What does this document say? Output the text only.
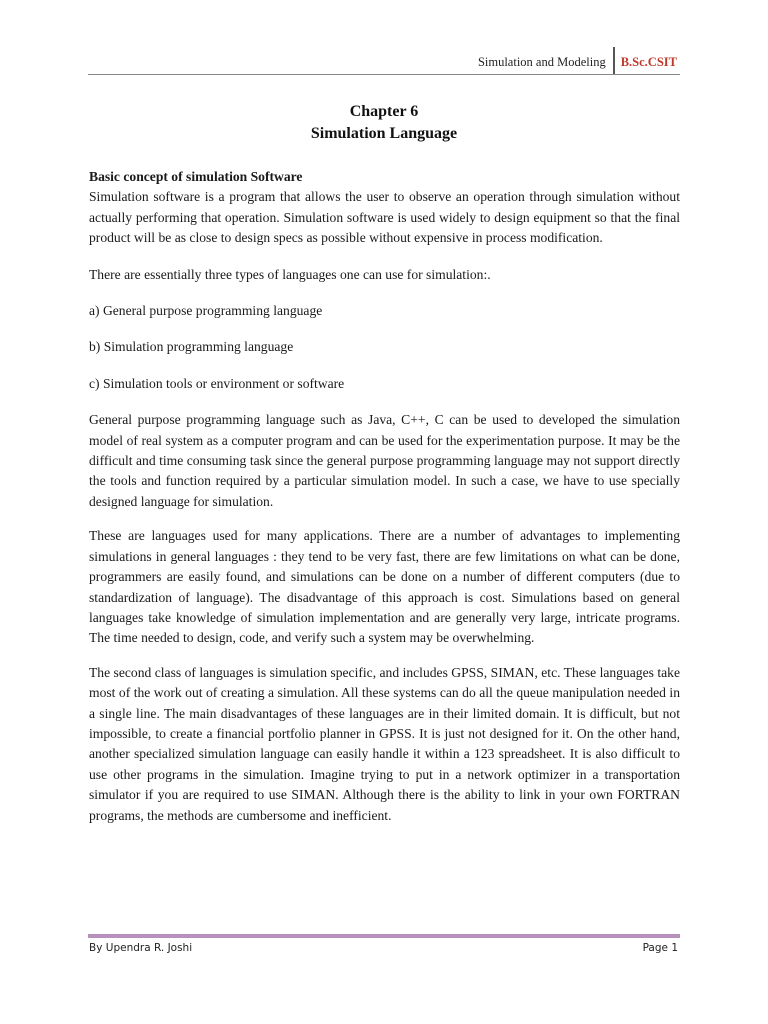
Simulation and Modeling	B.Sc.CSIT
Chapter 6
Simulation Language

Basic concept of simulation Software

Simulation software is a program that allows the user to observe an operation through simulation without actually performing that operation. Simulation software is used widely to design equipment so that the final product will be as close to design specs as possible without expensive in process modification.

There are essentially three types of languages one can use for simulation:.

a) General purpose programming language

b) Simulation programming language

c) Simulation tools or environment or software

General purpose programming language such as Java, C++, C can be used to developed the simulation model of real system as a computer program and can be used for the experimentation purpose. It may be the difficult and time consuming task since the general purpose programming language may not support directly the tools and function required by a particular simulation model. In such a case, we have to use specially designed language for simulation.

These are languages used for many applications. There are a number of advantages to implementing simulations in general languages : they tend to be very fast, there are few limitations on what can be done, programmers are easily found, and simulations can be done on a number of different computers (due to standardization of language). The disadvantage of this approach is cost. Simulations based on general languages take knowledge of simulation implementation and are generally very large, intricate programs. The time needed to design, code, and verify such a system may be overwhelming.

The second class of languages is simulation specific, and includes GPSS, SIMAN, etc. These languages take most of the work out of creating a simulation. All these systems can do all the queue manipulation needed in a single line. The main disadvantages of these languages are in their limited domain. It is difficult, but not impossible, to create a financial portfolio planner in GPSS. It is just not designed for it. On the other hand, another specialized simulation language can easily handle it within a 123 spreadsheet. It is also difficult to use other programs in the simulation. Imagine trying to put in a network optimizer in a transportation simulator if you are required to use SIMAN. Although there is the ability to link in your own FORTRAN programs, the methods are cumbersome and inefficient.

By Upendra R. Joshi	Page 1
